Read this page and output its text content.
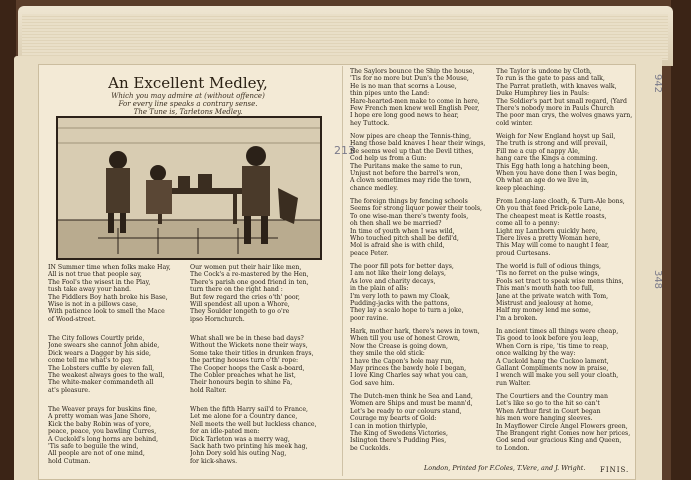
An Excellent Medley,
Which you may admire at (without offence)
For every line speaks a contrary sense.
The Tune is, Tarletons Medley.
213
942
348
IN Summer time when folks make Hay,
All is not true that people say,
The Fool's the wisest in the Play,
tush take away your hand.
The Fiddlers Boy hath broke his Base,
Wise is not in a pillows case,
With patience look to smell the Mace
of Wood-street.
The City follows Courtly pride,
Jone swears she cannot John abide,
Dick wears a Dagger by his side,
come tell me what's to pay.
The Lobsters cuffle by eleven fall,
The weakest always goes to the wall,
The white-maker commandeth all
at's pleasure.
The Weaver prays for buskins fine,
A pretty woman was Jane Shore,
Kick the baby Robin was of yore,
peace, peace, you bawling Curres,
A Cuckold's long horns are behind,
'Tis safe to beguile the wind,
All people are not of one mind,
hold Cutman.
Our women put their hair like men,
The Cock's a re-mastered by the Hen,
There's parish one good friend in ten,
turn there on the right hand :
But few regard the cries o'th' poor,
Will spendest all upon a Whore,
They Soulder longeth to go o're
ipso Hornchurch.
What shall we be in these bad days?
Without the Wickets none their ways,
Some take their titles in drunken frays,
the parting houses turn o'th' rope:
The Cooper hoops the Cask a-board,
The Cobler preaches what he list,
Their honours begin to shine Fa,
hold Ralter.
When the fifth Harry sail'd to France,
Let me alone for a Country dance,
Nell meets the well but luckless chance,
for an idle-pated men:
Dick Tarleton was a merry wag,
Sack hath two printing his meek hag,
John Dory sold his outing Nag,
for kick-shaws.
The Saylors bounce the Ship the house,
'Tis for no more but Dun's the Mouse,
He is no man that scorns a Louse,
thin pipes unto the Land:
Hare-hearted-men make to come in here,
Few French men knew well English Peer,
I hope ere long good news to hear,
hey Tuttock.
Now pipes are cheap the Tennis-thing,
Hang those bald knaves I hear their wings,
He seems weel up that the Devil tithes,
Cod help us from a Gun:
The Puritans make the same to run,
Unjust not before the barrel's won,
A clown sometimes may ride the town,
chance medley.
The foreign things by fencing schools
Seems for strong liquor power their tools,
To one wise-man there's twenty fools,
oh then shall we be married?
In time of youth when I was wild,
Who touched pitch shall be defil'd,
Mol is afraid she is with child,
peace Peter.
The poor fill pots for better days,
I am not like their long delays,
As love and charity decays,
in the plain of alls:
I'm very loth to pawn my Cloak,
Pudding-jacks with the pattons,
They lay a scalo hope to turn a joke,
poor ravine.
Hark, mother hark, there's news in town,
When till you use of honest Crown,
Now the Crease is going down,
they smile the old stick:
I have the Capon's hole may run,
May princes the bawdy hole I began,
I love King Charles say what you can,
God save him.
The Dutch-men think he Sea and Land,
Women are Ships and must be mann'd,
Let's be ready to our colours stand,
Courage my bearts of Gold:
I can in motion thirlyple,
The King of Swedens Victories,
Islington there's Pudding Pies,
be Cuckolds.
The Taylor is undone by Cloth,
To run is the gate to pass and talk,
The Parrat pratleth, with knaves walk,
Duke Humphrey lies in Pauls:
The Soldier's part but small regard, (Yard
There's nobody more in Pauls Church
The poor man crys, the wolves gnaws yarn,
cold winter.
Weigh for New England hoyst up Sail,
The truth is strong and will prevail,
Fill me a cup of nappy Ale,
hang care the Kings a comming.
This Egg hath long a hatching been,
When you have done then I was begin,
Oh what an age do we live in,
keep pleaching.
From Long-lane cloath, & Turn-Ale bons,
Oh you that feed Prick-pole Lane,
The cheapest meat is Kettle roasts,
come all to a penny:
Light my Lanthorn quickly here,
There lives a pretty Woman here,
This May will come to naught I fear,
proud Curtesans.
The world is full of odious things,
'Tis no ferret on the pulse wings,
Fools set tract to speak wise mens thins,
This man's mouth hath too full,
Jane at the private watch with Tom,
Mistrust and jealousy at home,
Half my money lend me some,
I'm a broken.
In ancient times all things were cheap,
Tis good to look before you leap,
When Corn is ripe, 'tis time to reap,
once walking by the way:
A Cuckold hang the Cuckoo lament,
Gallant Compliments now in praise,
I wench will make you sell your cloath,
run Walter.
The Courtiers and the Country man
Let's like so go to the hit so can't
When Arthur first in Court began
his men wore hanging sleeves.
In Mayflower Circle Angel Flowers green,
The Brangent right Comes now her prices,
God send our gracious King and Queen,
to London.
London, Printed for F.Coles, T.Vere, and J. Wright. FINIS.
